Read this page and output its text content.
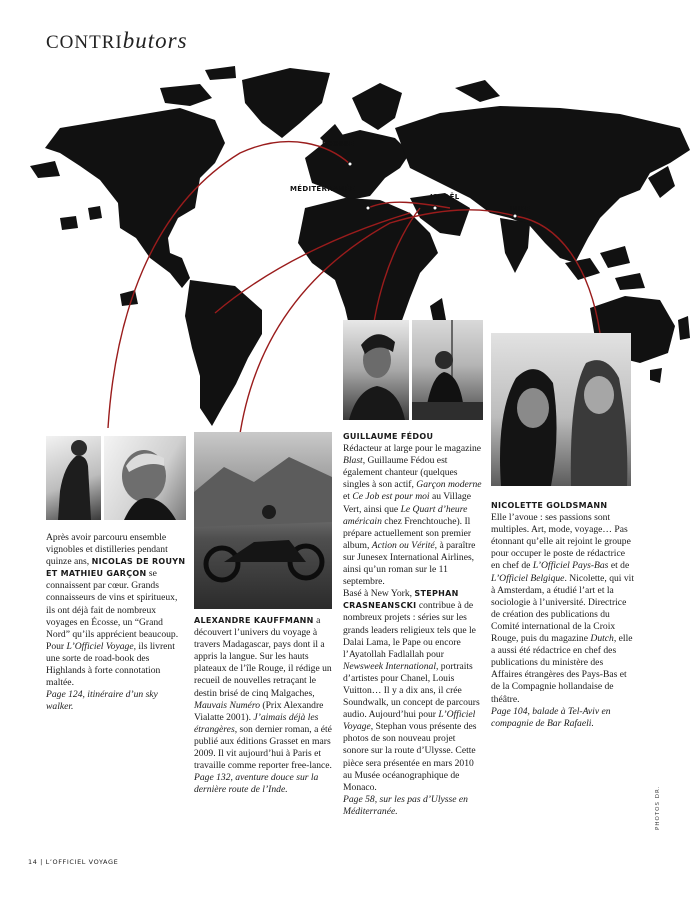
CONTRIbutors
ÉCOSSE
MÉDITERRANÉE
ISRAËL
INDE

Après avoir parcouru ensemble vignobles et distilleries pendant quinze ans, NICOLAS DE ROUYN ET MATHIEU GARÇON se connaissent par cœur. Grands connaisseurs de vins et spiritueux, ils ont déjà fait de nombreux voyages en Écosse, un “Grand Nord” qu’ils apprécient beaucoup. Pour L’Officiel Voyage, ils livrent une sorte de road-book des Highlands à forte connotation maltée.

Page 124, itinéraire d’un sky walker.

ALEXANDRE KAUFFMANN a découvert l’univers du voyage à travers Madagascar, pays dont il a appris la langue. Sur les hauts plateaux de l’île Rouge, il rédige un recueil de nouvelles retraçant le destin brisé de cinq Malgaches, Mauvais Numéro (Prix Alexandre Vialatte 2001). J’aimais déjà les étrangères, son dernier roman, a été publié aux éditions Grasset en mars 2009. Il vit aujourd’hui à Paris et travaille comme reporter free-lance.

Page 132, aventure douce sur la dernière route de l’Inde.

GUILLAUME FÉDOU

Rédacteur at large pour le magazine Blast, Guillaume Fédou est également chanteur (quelques singles à son actif, Garçon moderne et Ce Job est pour moi au Village Vert, ainsi que Le Quart d’heure américain chez Frenchtouche). Il prépare actuellement son premier album, Action ou Vérité, à paraître sur Junesex International Airlines, ainsi qu’un roman sur le 11 septembre.

Basé à New York, STEPHAN CRASNEANSCKI contribue à de nombreux projets : séries sur les grands leaders religieux tels que le Dalai Lama, le Pape ou encore l’Ayatollah Fadlallah pour Newsweek International, portraits d’artistes pour Chanel, Louis Vuitton… Il y a dix ans, il crée Soundwalk, un concept de parcours audio. Aujourd’hui pour L’Officiel Voyage, Stephan vous présente des photos de son nouveau projet sonore sur la route d’Ulysse. Cette pièce sera présentée en mars 2010 au Musée océanographique de Monaco.

Page 58, sur les pas d’Ulysse en Méditerranée.

NICOLETTE GOLDSMANN

Elle l’avoue : ses passions sont multiples. Art, mode, voyage… Pas étonnant qu’elle ait rejoint le groupe pour occuper le poste de rédactrice en chef de L’Officiel Pays-Bas et de L’Officiel Belgique. Nicolette, qui vit à Amsterdam, a étudié l’art et la sociologie à l’université. Directrice de création des publications du Comité international de la Croix Rouge, puis du magazine Dutch, elle a aussi été rédactrice en chef des publications du ministère des Affaires étrangères des Pays-Bas et de la Compagnie hollandaise de théâtre.

Page 104, balade à Tel-Aviv en compagnie de Bar Rafaeli.

14 | L’OFFICIEL VOYAGE
PHOTOS DR.
